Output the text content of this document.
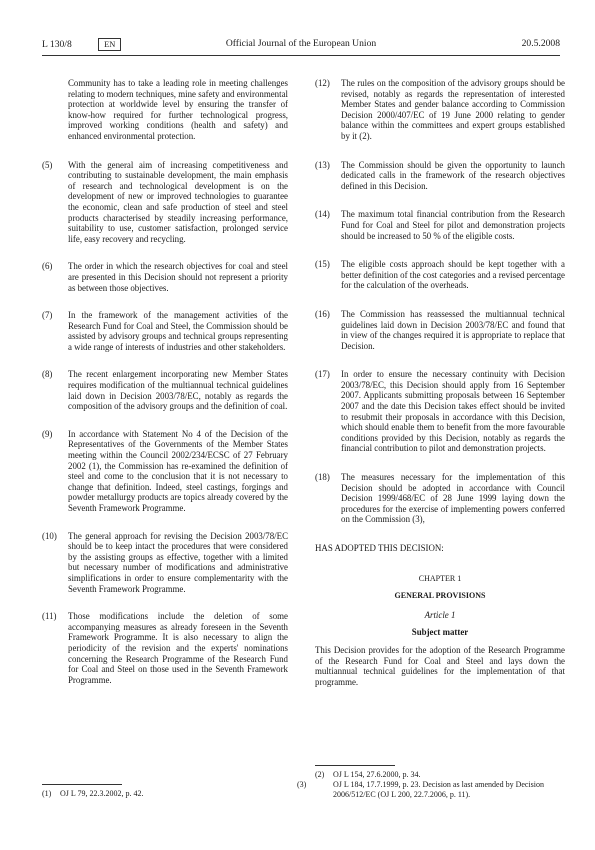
L 130/8	EN	Official Journal of the European Union	20.5.2008

Community has to take a leading role in meeting challenges relating to modern techniques, mine safety and environmental protection at worldwide level by ensuring the transfer of know-how required for further technological progress, improved working conditions (health and safety) and enhanced environmental protection.

(5) With the general aim of increasing competitiveness and contributing to sustainable development, the main emphasis of research and technological development is on the development of new or improved technologies to guarantee the economic, clean and safe production of steel and steel products characterised by steadily increasing performance, suitability to use, customer satisfaction, prolonged service life, easy recovery and recycling.

(6) The order in which the research objectives for coal and steel are presented in this Decision should not represent a priority as between those objectives.

(7) In the framework of the management activities of the Research Fund for Coal and Steel, the Commission should be assisted by advisory groups and technical groups representing a wide range of interests of industries and other stakeholders.

(8) The recent enlargement incorporating new Member States requires modification of the multiannual technical guidelines laid down in Decision 2003/78/EC, notably as regards the composition of the advisory groups and the definition of coal.

(9) In accordance with Statement No 4 of the Decision of the Representatives of the Governments of the Member States meeting within the Council 2002/234/ECSC of 27 February 2002 (1), the Commission has re-examined the definition of steel and come to the conclusion that it is not necessary to change that definition. Indeed, steel castings, forgings and powder metallurgy products are topics already covered by the Seventh Framework Programme.

(10) The general approach for revising the Decision 2003/78/EC should be to keep intact the procedures that were considered by the assisting groups as effective, together with a limited but necessary number of modifications and administrative simplifications in order to ensure complementarity with the Seventh Framework Programme.

(11) Those modifications include the deletion of some accompanying measures as already foreseen in the Seventh Framework Programme. It is also necessary to align the periodicity of the revision and the experts' nominations concerning the Research Programme of the Research Fund for Coal and Steel on those used in the Seventh Framework Programme.

(1) OJ L 79, 22.3.2002, p. 42.
(12) The rules on the composition of the advisory groups should be revised, notably as regards the representation of interested Member States and gender balance according to Commission Decision 2000/407/EC of 19 June 2000 relating to gender balance within the committees and expert groups established by it (2).

(13) The Commission should be given the opportunity to launch dedicated calls in the framework of the research objectives defined in this Decision.

(14) The maximum total financial contribution from the Research Fund for Coal and Steel for pilot and demonstration projects should be increased to 50 % of the eligible costs.

(15) The eligible costs approach should be kept together with a better definition of the cost categories and a revised percentage for the calculation of the overheads.

(16) The Commission has reassessed the multiannual technical guidelines laid down in Decision 2003/78/EC and found that in view of the changes required it is appropriate to replace that Decision.

(17) In order to ensure the necessary continuity with Decision 2003/78/EC, this Decision should apply from 16 September 2007. Applicants submitting proposals between 16 September 2007 and the date this Decision takes effect should be invited to resubmit their proposals in accordance with this Decision, which should enable them to benefit from the more favourable conditions provided by this Decision, notably as regards the financial contribution to pilot and demonstration projects.

(18) The measures necessary for the implementation of this Decision should be adopted in accordance with Council Decision 1999/468/EC of 28 June 1999 laying down the procedures for the exercise of implementing powers conferred on the Commission (3),

HAS ADOPTED THIS DECISION:

CHAPTER 1

GENERAL PROVISIONS

Article 1

Subject matter

This Decision provides for the adoption of the Research Programme of the Research Fund for Coal and Steel and lays down the multiannual technical guidelines for the implementation of that programme.

(2) OJ L 154, 27.6.2000, p. 34.
(3)	OJ L 184, 17.7.1999, p. 23. Decision as last amended by Decision 2006/512/EC (OJ L 200, 22.7.2006, p. 11).
